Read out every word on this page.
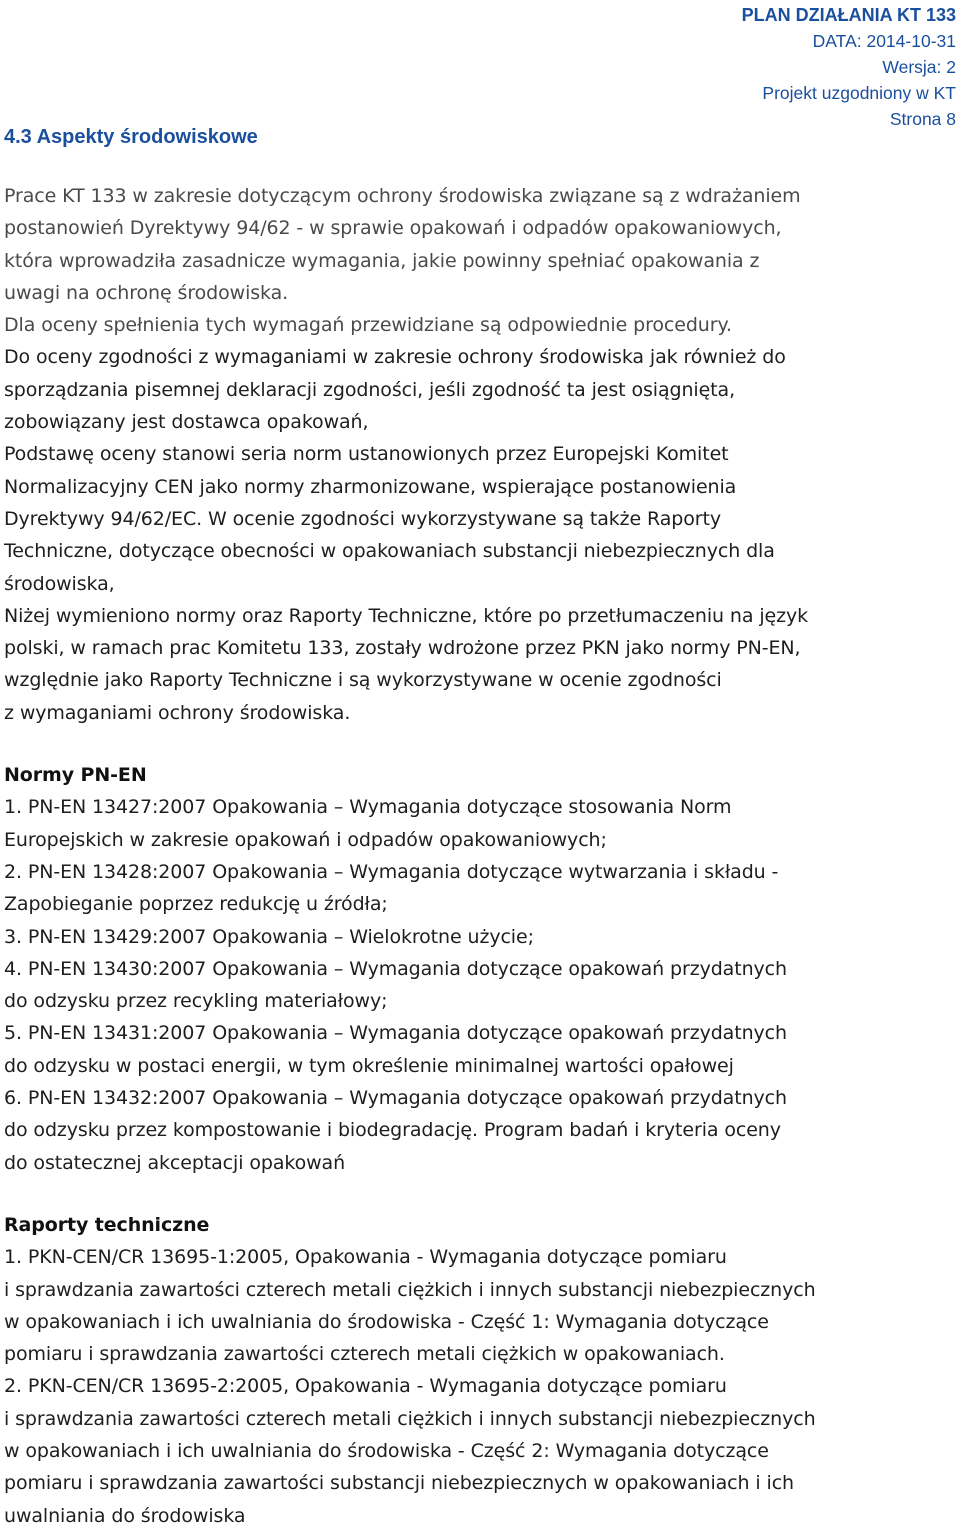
PLAN DZIAŁANIA KT 133
DATA: 2014-10-31
Wersja: 2
Projekt uzgodniony w KT
Strona 8
4.3 Aspekty środowiskowe
Prace KT 133 w zakresie dotyczącym ochrony środowiska związane są z wdrażaniem
postanowień Dyrektywy 94/62 - w sprawie opakowań i odpadów opakowaniowych,
która wprowadziła zasadnicze wymagania, jakie powinny spełniać opakowania z
uwagi na ochronę środowiska.
Dla oceny spełnienia tych wymagań przewidziane są odpowiednie procedury.
Do oceny zgodności z wymaganiami w zakresie ochrony środowiska jak również do
sporządzania pisemnej deklaracji zgodności, jeśli zgodność ta jest osiągnięta,
zobowiązany jest dostawca opakowań,
Podstawę oceny stanowi seria norm ustanowionych przez Europejski Komitet
Normalizacyjny CEN jako normy zharmonizowane, wspierające postanowienia
Dyrektywy 94/62/EC. W ocenie zgodności wykorzystywane są także Raporty
Techniczne, dotyczące obecności w opakowaniach substancji niebezpiecznych dla
środowiska,
Niżej wymieniono normy oraz Raporty Techniczne, które po przetłumaczeniu na język
polski, w ramach prac Komitetu 133, zostały wdrożone przez PKN jako normy PN-EN,
względnie jako Raporty Techniczne i są wykorzystywane w ocenie zgodności
z wymaganiami ochrony środowiska.
Normy PN-EN
1. PN-EN 13427:2007 Opakowania – Wymagania dotyczące stosowania Norm
Europejskich w zakresie opakowań i odpadów opakowaniowych;
2. PN-EN 13428:2007 Opakowania – Wymagania dotyczące wytwarzania i składu -
Zapobieganie poprzez redukcję u źródła;
3. PN-EN 13429:2007 Opakowania – Wielokrotne użycie;
4. PN-EN 13430:2007 Opakowania – Wymagania dotyczące opakowań przydatnych
do odzysku przez recykling materiałowy;
5. PN-EN 13431:2007 Opakowania – Wymagania dotyczące opakowań przydatnych
do odzysku w postaci energii, w tym określenie minimalnej wartości opałowej
6. PN-EN 13432:2007 Opakowania – Wymagania dotyczące opakowań przydatnych
do odzysku przez kompostowanie i biodegradację. Program badań i kryteria oceny
do ostatecznej akceptacji opakowań
Raporty techniczne
1. PKN-CEN/CR 13695-1:2005, Opakowania - Wymagania dotyczące pomiaru
i sprawdzania zawartości czterech metali ciężkich i innych substancji niebezpiecznych
w opakowaniach i ich uwalniania do środowiska - Część 1: Wymagania dotyczące
pomiaru i sprawdzania zawartości czterech metali ciężkich w opakowaniach.
2. PKN-CEN/CR 13695-2:2005, Opakowania - Wymagania dotyczące pomiaru
i sprawdzania zawartości czterech metali ciężkich i innych substancji niebezpiecznych
w opakowaniach i ich uwalniania do środowiska - Część 2: Wymagania dotyczące
pomiaru i sprawdzania zawartości substancji niebezpiecznych w opakowaniach i ich
uwalniania do środowiska
